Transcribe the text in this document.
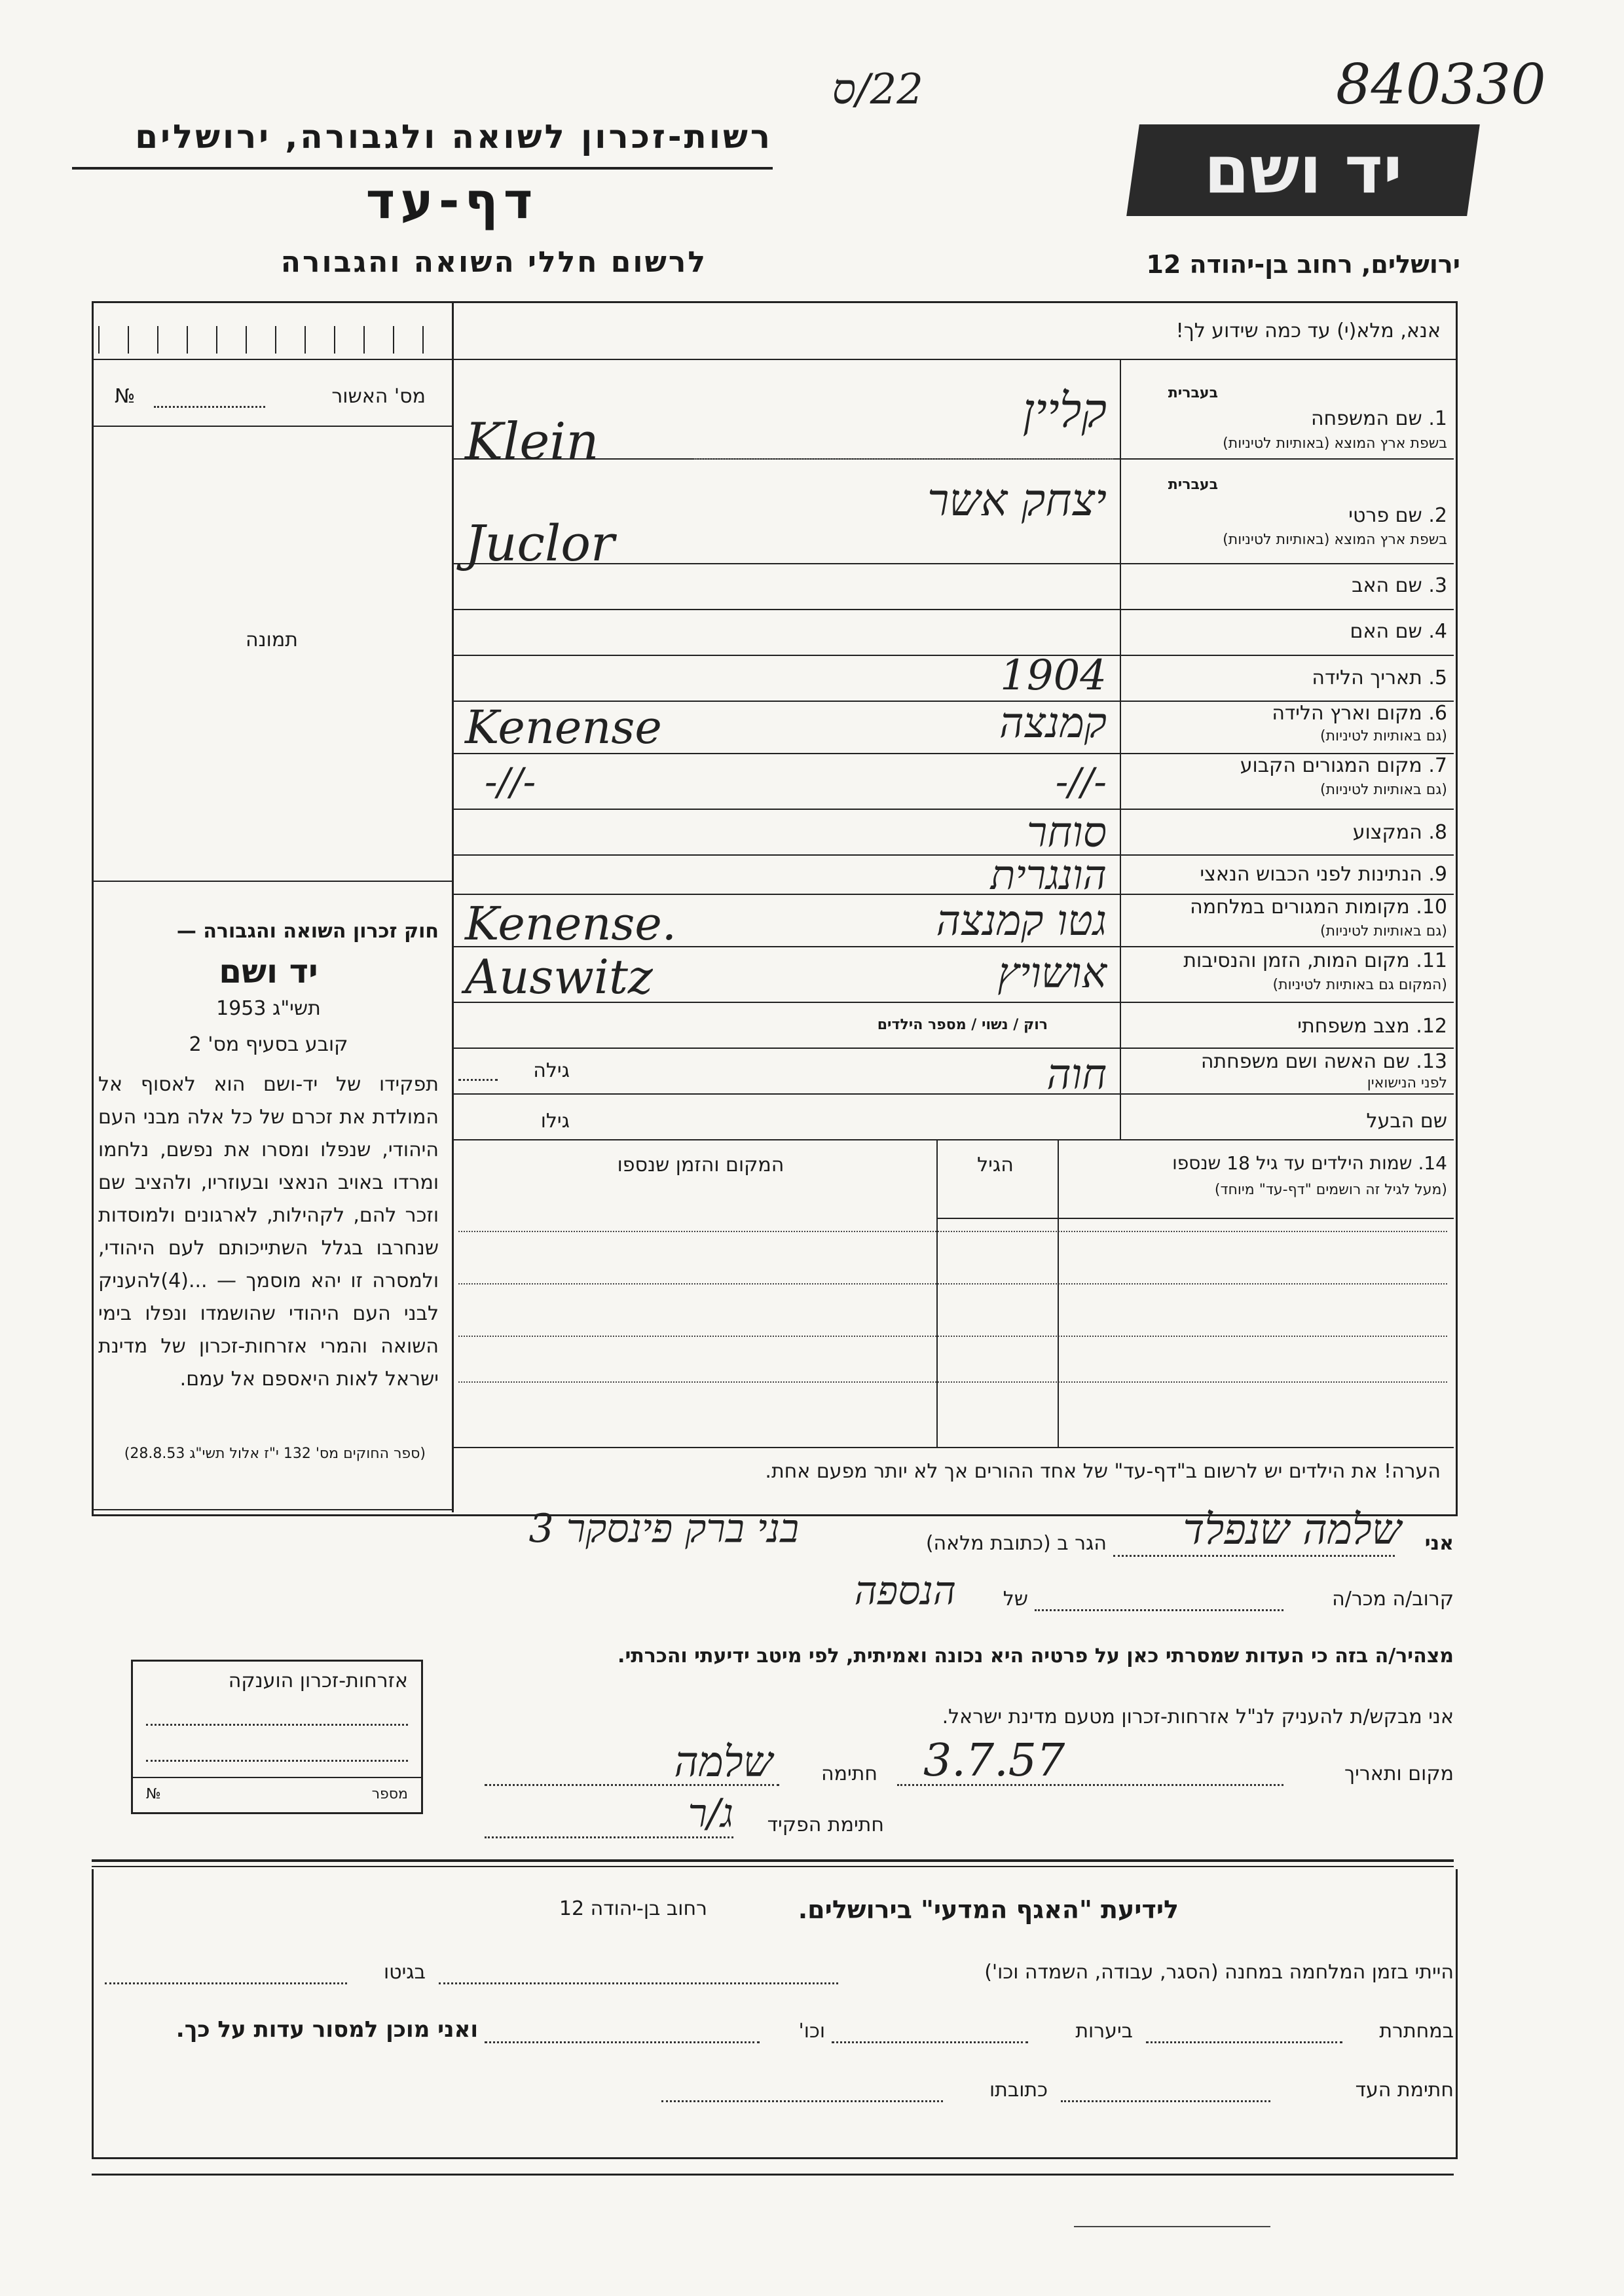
22/ס	840330
רשות-זכרון לשואה ולגבורה, ירושלים
דף-עד
לרשום חללי השואה והגבורה
יד ושם
ירושלים, רחוב בן-יהודה 12
אנא, מלא(י) עד כמה שידוע לך!
מס' האשור
№
תמונה
חוק זכרון השואה והגבורה —
יד ושם
תשי"ג 1953
קובע בסעיף מס' 2
תפקידו של יד-ושם הוא לאסוף אל המולדת את זכרם של כל אלה מבני העם היהודי, שנפלו ומסרו את נפשם, נלחמו ומרדו באויב הנאצי ובעוזריו, ולהציב שם וזכר להם, לקהילות, לארגונים ולמוסדות שנחרבו בגלל השתייכותם לעם היהודי, ולמסרה זו יהא מוסמך — ...(4)להעניק לבני העם היהודי שהושמדו ונפלו בימי השואה והמרי אזרחות-זכרון של מדינת ישראל לאות היאספם אל עמם.
(ספר החוקים מס' 132 י"ז אלול תשי"ג 28.8.53)
בעברית
1. שם המשפחה
בשפת ארץ המוצא (באותיות לטיניות)
קליין
Klein
בעברית
2. שם פרטי
בשפת ארץ המוצא (באותיות לטיניות)
יצחק אשר
Juclor
3. שם האב
4. שם האם
5. תאריך הלידה
1904
6. מקום וארץ הלידה
(גם באותיות לטיניות)
קמנצה
Kenense
7. מקום המגורים הקבוע
(גם באותיות לטיניות)
-//-
-//-
8. המקצוע
סוחר
9. הנתינות לפני הכבוש הנאצי
הונגרית
10. מקומות המגורים במלחמה
(גם באותיות לטיניות)
גטו קמנצה
Kenense.
11. מקום המות, הזמן והנסיבות
(המקום גם באותיות לטיניות)
אושויץ
Auswitz
12. מצב משפחתי
רוק / נשוי / מספר הילדים
13. שם האשה ושם משפחתה
לפני הנישואין
חוה
גילה
שם הבעל
גילו
14. שמות הילדים עד גיל 18 שנספו
(מעל לגיל זה רושמים "דף-עד" מיוחד)
הגיל
המקום והזמן שנספו
הערה! את הילדים יש לרשום ב"דף-עד" של אחד ההורים אך לא יותר מפעם אחת.
אני
שלמה שנפלד
הגר ב (כתובת מלאה)
בני ברק פינסקר 3
קרוב/ה מכר/ה
של
הנספה
מצהיר/ה בזה כי העדות שמסרתי כאן על פרטיה היא נכונה ואמיתית, לפי מיטב ידיעתי והכרתי.
אני מבקש/ת להעניק לנ"ל אזרחות-זכרון מטעם מדינת ישראל.
מקום ותאריך
3.7.57
חתימה
שלמה
חתימת הפקיד
ג/ר
אזרחות-זכרון הוענקה
№	מספר
לידיעת "האגף המדעי" בירושלים.
רחוב בן-יהודה 12
הייתי בזמן המלחמה במחנה (הסגר, עבודה, השמדה וכו')
בגיטו
במחתרת
ביערות
וכו'
ואני מוכן למסור עדות על כך.
חתימת העד
כתובתו
